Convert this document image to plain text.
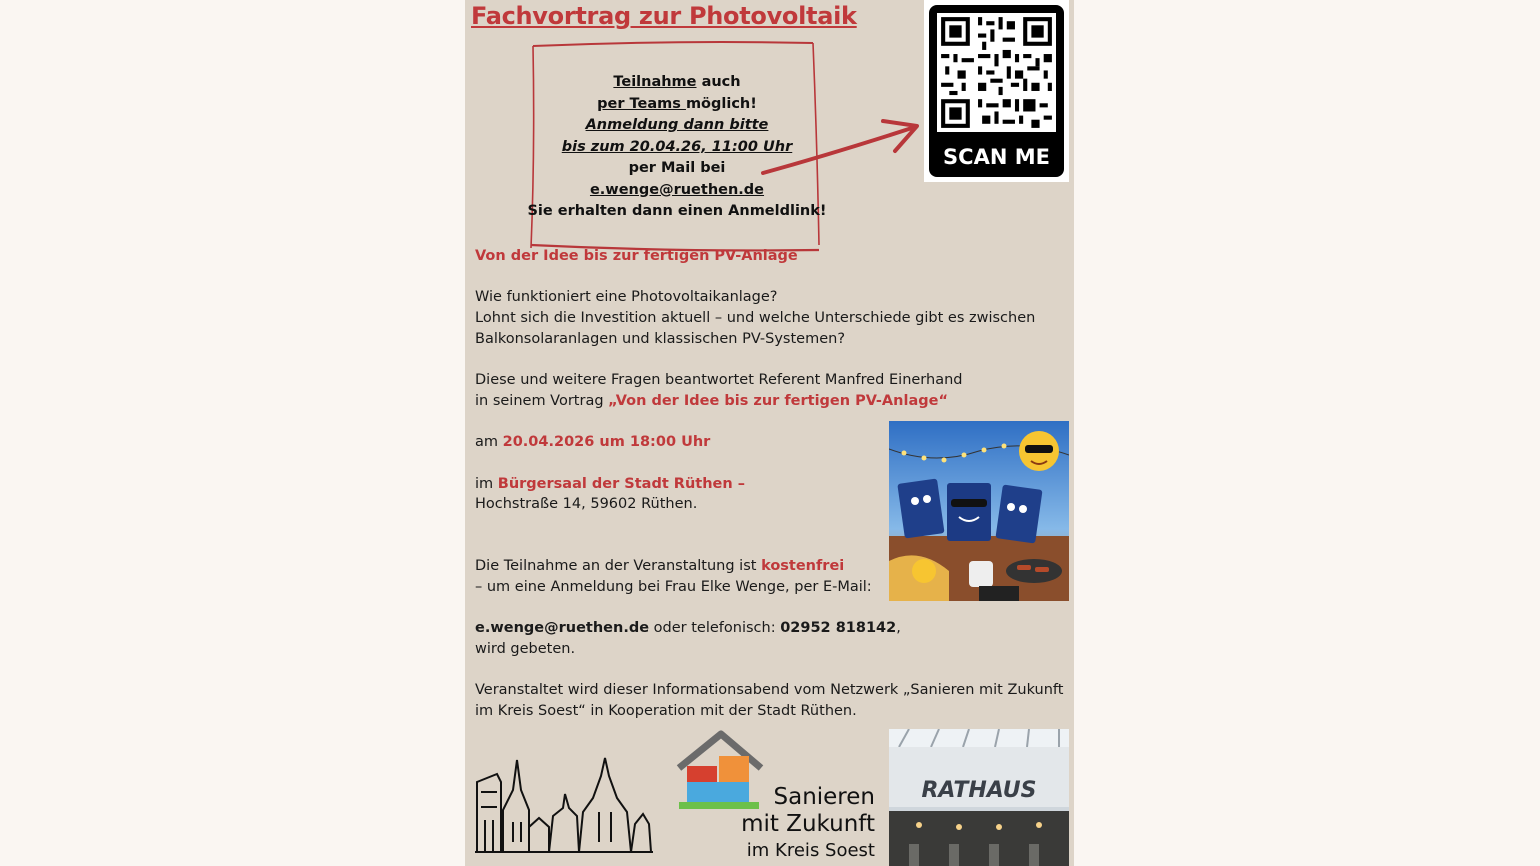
Fachvortrag zur Photovoltaik
Teilnahme auch
per Teams möglich!
Anmeldung dann bitte
bis zum 20.04.26, 11:00 Uhr
per Mail bei
e.wenge@ruethen.de
Sie erhalten dann einen Anmeldlink!
SCAN ME
Von der Idee bis zur fertigen PV-Anlage
Wie funktioniert eine Photovoltaikanlage?
Lohnt sich die Investition aktuell – und welche Unterschiede gibt es zwischen
Balkonsolaranlagen und klassischen PV-Systemen?
Diese und weitere Fragen beantwortet Referent Manfred Einerhand
in seinem Vortrag „Von der Idee bis zur fertigen PV-Anlage“
am 20.04.2026 um 18:00 Uhr
im Bürgersaal der Stadt Rüthen –
Hochstraße 14, 59602 Rüthen.
Die Teilnahme an der Veranstaltung ist kostenfrei
– um eine Anmeldung bei Frau Elke Wenge, per E-Mail:
e.wenge@ruethen.de oder telefonisch: 02952 818142,
wird gebeten.
Veranstaltet wird dieser Informationsabend vom Netzwerk „Sanieren mit Zukunft
im Kreis Soest“ in Kooperation mit der Stadt Rüthen.
Sanieren
mit Zukunft
im Kreis Soest
RATHAUS
